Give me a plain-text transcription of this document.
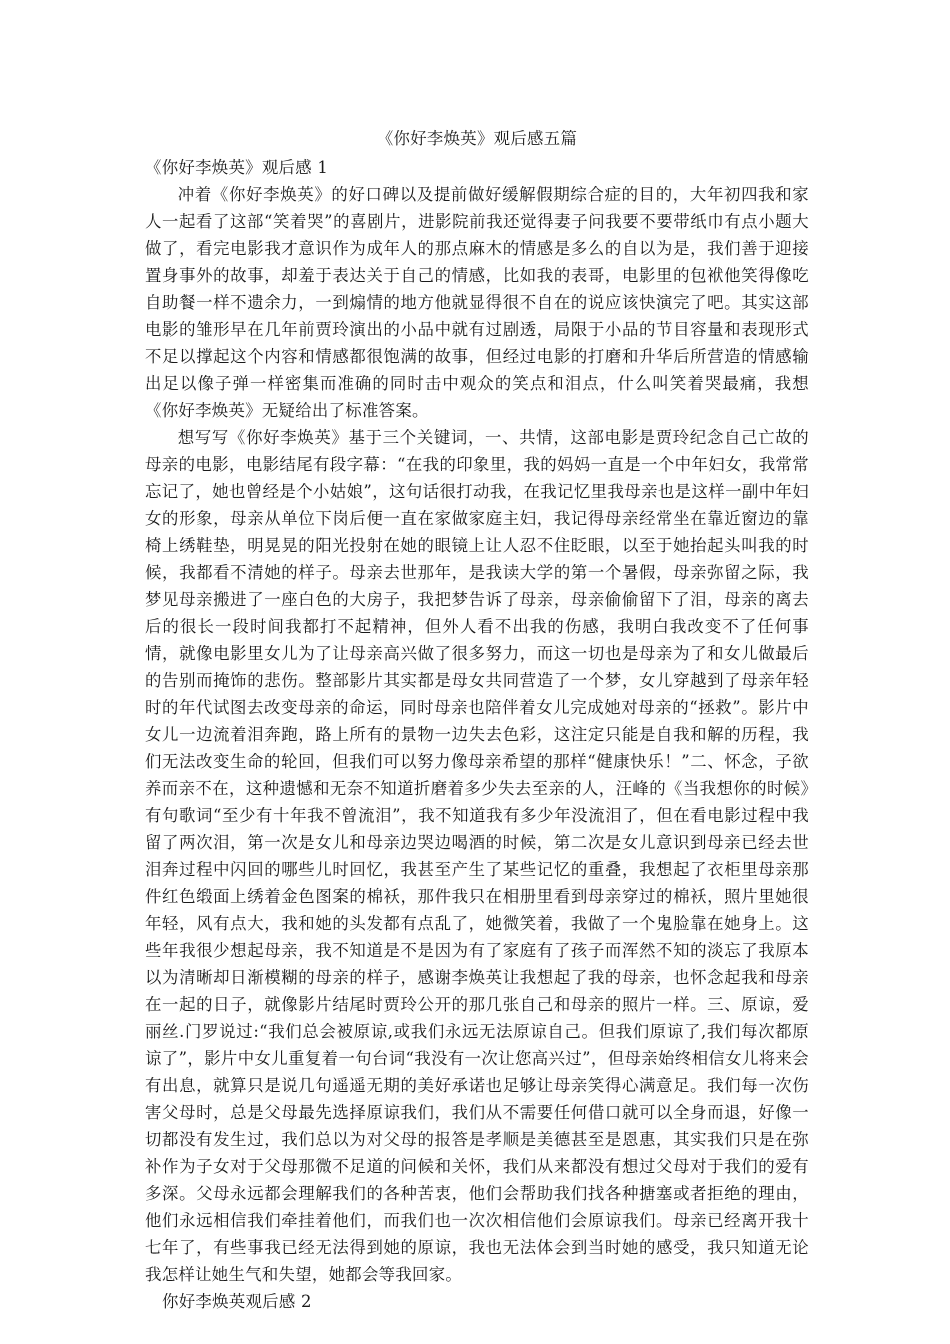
《你好李焕英》观后感五篇
《你好李焕英》观后感 1

冲着《你好李焕英》的好口碑以及提前做好缓解假期综合症的目的，大年初四我和家人一起看了这部“笑着哭”的喜剧片，进影院前我还觉得妻子问我要不要带纸巾有点小题大做了，看完电影我才意识作为成年人的那点麻木的情感是多么的自以为是，我们善于迎接置身事外的故事，却羞于表达关于自己的情感，比如我的表哥，电影里的包袱他笑得像吃自助餐一样不遗余力，一到煽情的地方他就显得很不自在的说应该快演完了吧。其实这部电影的雏形早在几年前贾玲演出的小品中就有过剧透，局限于小品的节目容量和表现形式不足以撑起这个内容和情感都很饱满的故事，但经过电影的打磨和升华后所营造的情感输出足以像子弹一样密集而准确的同时击中观众的笑点和泪点，什么叫笑着哭最痛，我想《你好李焕英》无疑给出了标准答案。

想写写《你好李焕英》基于三个关键词，一、共情，这部电影是贾玲纪念自己亡故的母亲的电影，电影结尾有段字幕：“在我的印象里，我的妈妈一直是一个中年妇女，我常常忘记了，她也曾经是个小姑娘”，这句话很打动我，在我记忆里我母亲也是这样一副中年妇女的形象，母亲从单位下岗后便一直在家做家庭主妇，我记得母亲经常坐在靠近窗边的靠椅上绣鞋垫，明晃晃的阳光投射在她的眼镜上让人忍不住眨眼，以至于她抬起头叫我的时候，我都看不清她的样子。母亲去世那年，是我读大学的第一个暑假，母亲弥留之际，我梦见母亲搬进了一座白色的大房子，我把梦告诉了母亲，母亲偷偷留下了泪，母亲的离去后的很长一段时间我都打不起精神，但外人看不出我的伤感，我明白我改变不了任何事情，就像电影里女儿为了让母亲高兴做了很多努力，而这一切也是母亲为了和女儿做最后的告别而掩饰的悲伤。整部影片其实都是母女共同营造了一个梦，女儿穿越到了母亲年轻时的年代试图去改变母亲的命运，同时母亲也陪伴着女儿完成她对母亲的“拯救”。影片中女儿一边流着泪奔跑，路上所有的景物一边失去色彩，这注定只能是自我和解的历程，我们无法改变生命的轮回，但我们可以努力像母亲希望的那样“健康快乐！”二、怀念，子欲养而亲不在，这种遗憾和无奈不知道折磨着多少失去至亲的人，汪峰的《当我想你的时候》有句歌词“至少有十年我不曾流泪”，我不知道我有多少年没流泪了，但在看电影过程中我留了两次泪，第一次是女儿和母亲边哭边喝酒的时候，第二次是女儿意识到母亲已经去世泪奔过程中闪回的哪些儿时回忆，我甚至产生了某些记忆的重叠，我想起了衣柜里母亲那件红色缎面上绣着金色图案的棉袄，那件我只在相册里看到母亲穿过的棉袄，照片里她很年轻，风有点大，我和她的头发都有点乱了，她微笑着，我做了一个鬼脸靠在她身上。这些年我很少想起母亲，我不知道是不是因为有了家庭有了孩子而浑然不知的淡忘了我原本以为清晰却日渐模糊的母亲的样子，感谢李焕英让我想起了我的母亲，也怀念起我和母亲在一起的日子，就像影片结尾时贾玲公开的那几张自己和母亲的照片一样。三、原谅，爱丽丝.门罗说过:“我们总会被原谅,或我们永远无法原谅自己。但我们原谅了,我们每次都原谅了”，影片中女儿重复着一句台词“我没有一次让您高兴过”，但母亲始终相信女儿将来会有出息，就算只是说几句遥遥无期的美好承诺也足够让母亲笑得心满意足。我们每一次伤害父母时，总是父母最先选择原谅我们，我们从不需要任何借口就可以全身而退，好像一切都没有发生过，我们总以为对父母的报答是孝顺是美德甚至是恩惠，其实我们只是在弥补作为子女对于父母那微不足道的问候和关怀，我们从来都没有想过父母对于我们的爱有多深。父母永远都会理解我们的各种苦衷，他们会帮助我们找各种搪塞或者拒绝的理由，他们永远相信我们牵挂着他们，而我们也一次次相信他们会原谅我们。母亲已经离开我十七年了，有些事我已经无法得到她的原谅，我也无法体会到当时她的感受，我只知道无论我怎样让她生气和失望，她都会等我回家。

你好李焕英观后感 2
